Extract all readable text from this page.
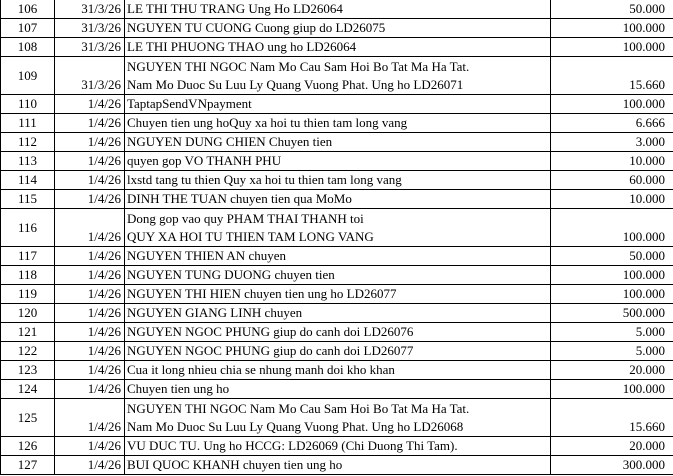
106	31/3/26	LE THI THU TRANG Ung Ho LD26064	50.000
107	31/3/26	NGUYEN TU CUONG Cuong giup do LD26075	100.000
108	31/3/26	LE THI PHUONG THAO ung ho LD26064	100.000
109	31/3/26	NGUYEN THI NGOC Nam Mo Cau Sam Hoi Bo Tat Ma Ha Tat.
Nam Mo Duoc Su Luu Ly Quang Vuong Phat. Ung ho LD26071	15.660
110	1/4/26	TaptapSendVNpayment	100.000
111	1/4/26	Chuyen tien ung hoQuy xa hoi tu thien tam long vang	6.666
112	1/4/26	NGUYEN DUNG CHIEN Chuyen tien	3.000
113	1/4/26	quyen gop VO THANH PHU	10.000
114	1/4/26	lxstd tang tu thien Quy xa hoi tu thien tam long vang	60.000
115	1/4/26	DINH THE TUAN chuyen tien qua MoMo	10.000
116	1/4/26	Dong gop vao quy PHAM THAI THANH toi
QUY XA HOI TU THIEN TAM LONG VANG	100.000
117	1/4/26	NGUYEN THIEN AN chuyen	50.000
118	1/4/26	NGUYEN TUNG DUONG chuyen tien	100.000
119	1/4/26	NGUYEN THI HIEN chuyen tien ung ho LD26077	100.000
120	1/4/26	NGUYEN GIANG LINH chuyen	500.000
121	1/4/26	NGUYEN NGOC PHUNG giup do canh doi LD26076	5.000
122	1/4/26	NGUYEN NGOC PHUNG giup do canh doi LD26077	5.000
123	1/4/26	Cua it long nhieu chia se nhung manh doi kho khan	20.000
124	1/4/26	Chuyen tien ung ho	100.000
125	1/4/26	NGUYEN THI NGOC Nam Mo Cau Sam Hoi Bo Tat Ma Ha Tat.
Nam Mo Duoc Su Luu Ly Quang Vuong Phat. Ung ho LD26068	15.660
126	1/4/26	VU DUC TU. Ung ho HCCG: LD26069 (Chi Duong Thi Tam).	20.000
127	1/4/26	BUI QUOC KHANH chuyen tien ung ho	300.000
